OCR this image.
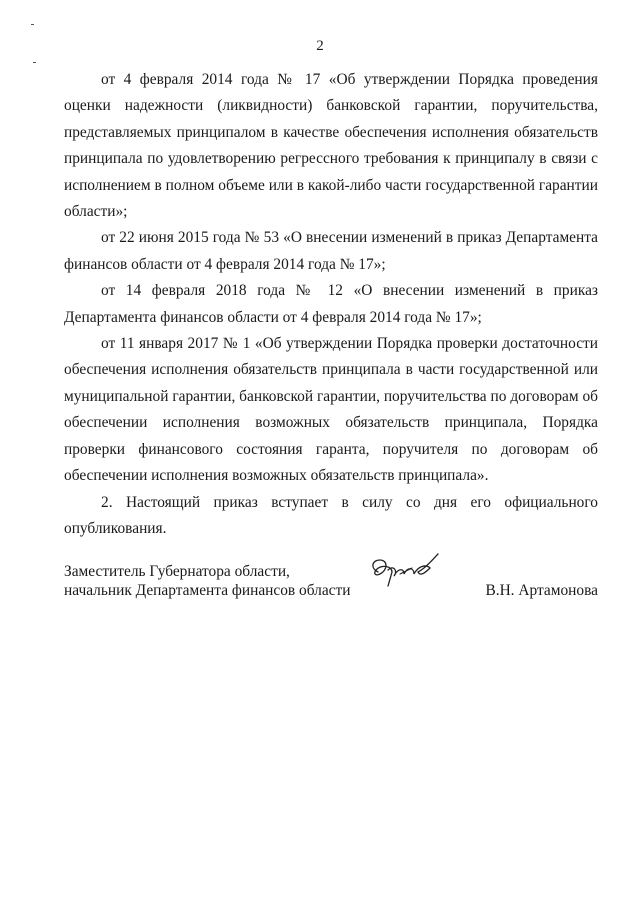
2

от 4 февраля 2014 года № 17 «Об утверждении Порядка проведения оценки надежности (ликвидности) банковской гарантии, поручительства, представляемых принципалом в качестве обеспечения исполнения обязательств принципала по удовлетворению регрессного требования к принципалу в связи с исполнением в полном объеме или в какой-либо части государственной гарантии области»;

от 22 июня 2015 года № 53 «О внесении изменений в приказ Департамента финансов области от 4 февраля 2014 года № 17»;

от 14 февраля 2018 года № 12 «О внесении изменений в приказ Департамента финансов области от 4 февраля 2014 года № 17»;

от 11 января 2017 № 1 «Об утверждении Порядка проверки достаточности обеспечения исполнения обязательств принципала в части государственной или муниципальной гарантии, банковской гарантии, поручительства по договорам об обеспечении исполнения возможных обязательств принципала, Порядка проверки финансового состояния гаранта, поручителя по договорам об обеспечении исполнения возможных обязательств принципала».

2. Настоящий приказ вступает в силу со дня его официального опубликования.

Заместитель Губернатора области,
начальник Департамента финансов области	В.Н. Артамонова
